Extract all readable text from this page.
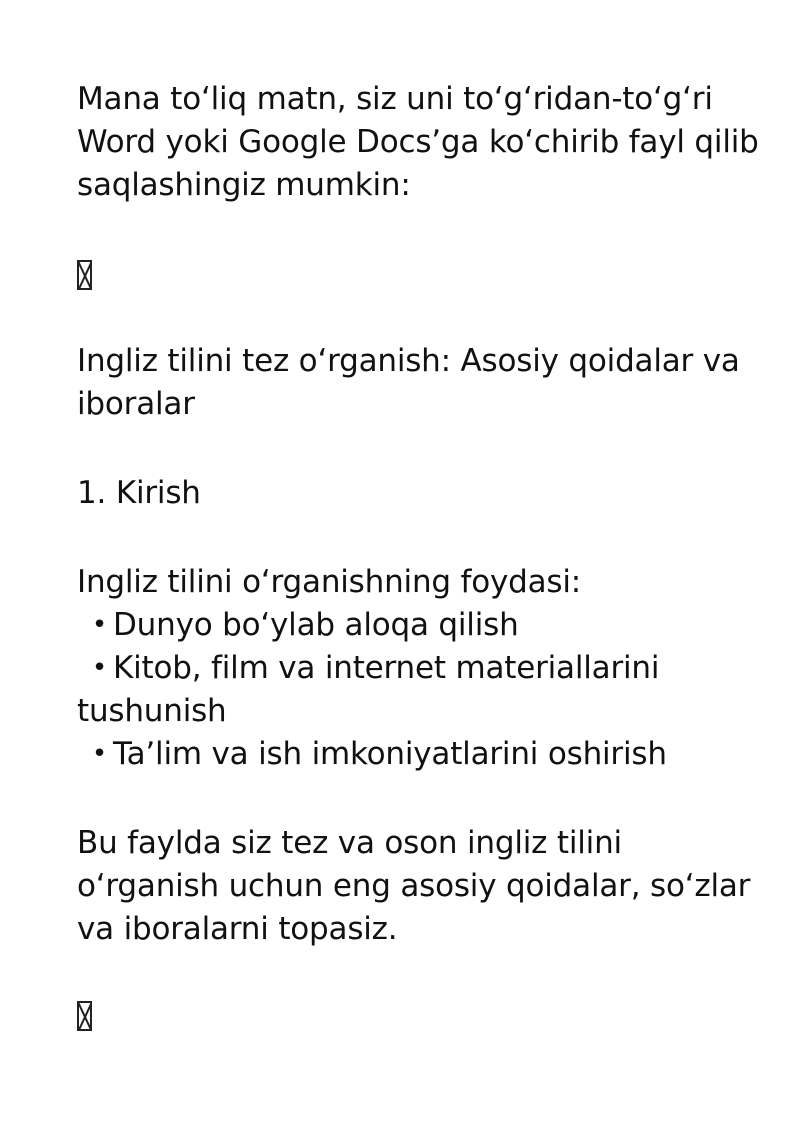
Mana to‘liq matn, siz uni to‘g‘ridan-to‘g‘ri Word yoki Google Docs’ga ko‘chirib fayl qilib saqlashingiz mumkin:

Ingliz tilini tez o‘rganish: Asosiy qoidalar va iboralar

1. Kirish

Ingliz tilini o‘rganishning foydasi:

• Dunyo bo‘ylab aloqa qilish
• Kitob, film va internet materiallarini tushunish
• Ta’lim va ish imkoniyatlarini oshirish

Bu faylda siz tez va oson ingliz tilini o‘rganish uchun eng asosiy qoidalar, so‘zlar va iboralarni topasiz.
